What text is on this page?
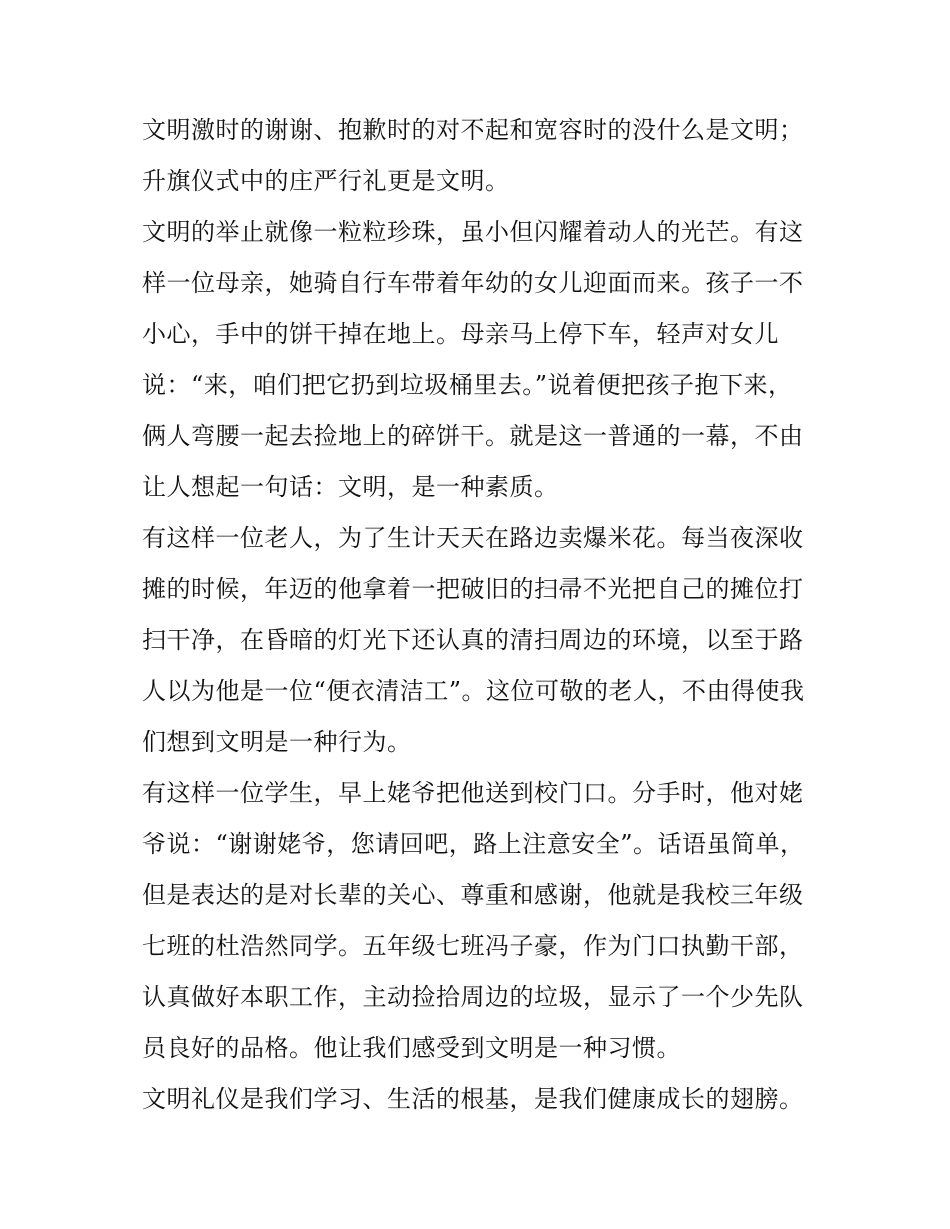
文明激时的谢谢、抱歉时的对不起和宽容时的没什么是文明；
升旗仪式中的庄严行礼更是文明。
文明的举止就像一粒粒珍珠，虽小但闪耀着动人的光芒。有这
样一位母亲，她骑自行车带着年幼的女儿迎面而来。孩子一不
小心，手中的饼干掉在地上。母亲马上停下车，轻声对女儿
说：“来，咱们把它扔到垃圾桶里去。”说着便把孩子抱下来，
俩人弯腰一起去捡地上的碎饼干。就是这一普通的一幕，不由
让人想起一句话：文明，是一种素质。
有这样一位老人，为了生计天天在路边卖爆米花。每当夜深收
摊的时候，年迈的他拿着一把破旧的扫帚不光把自己的摊位打
扫干净，在昏暗的灯光下还认真的清扫周边的环境，以至于路
人以为他是一位“便衣清洁工”。这位可敬的老人，不由得使我
们想到文明是一种行为。
有这样一位学生，早上姥爷把他送到校门口。分手时，他对姥
爷说：“谢谢姥爷，您请回吧，路上注意安全”。话语虽简单，
但是表达的是对长辈的关心、尊重和感谢，他就是我校三年级
七班的杜浩然同学。五年级七班冯子豪，作为门口执勤干部，
认真做好本职工作，主动捡拾周边的垃圾，显示了一个少先队
员良好的品格。他让我们感受到文明是一种习惯。
文明礼仪是我们学习、生活的根基，是我们健康成长的翅膀。
